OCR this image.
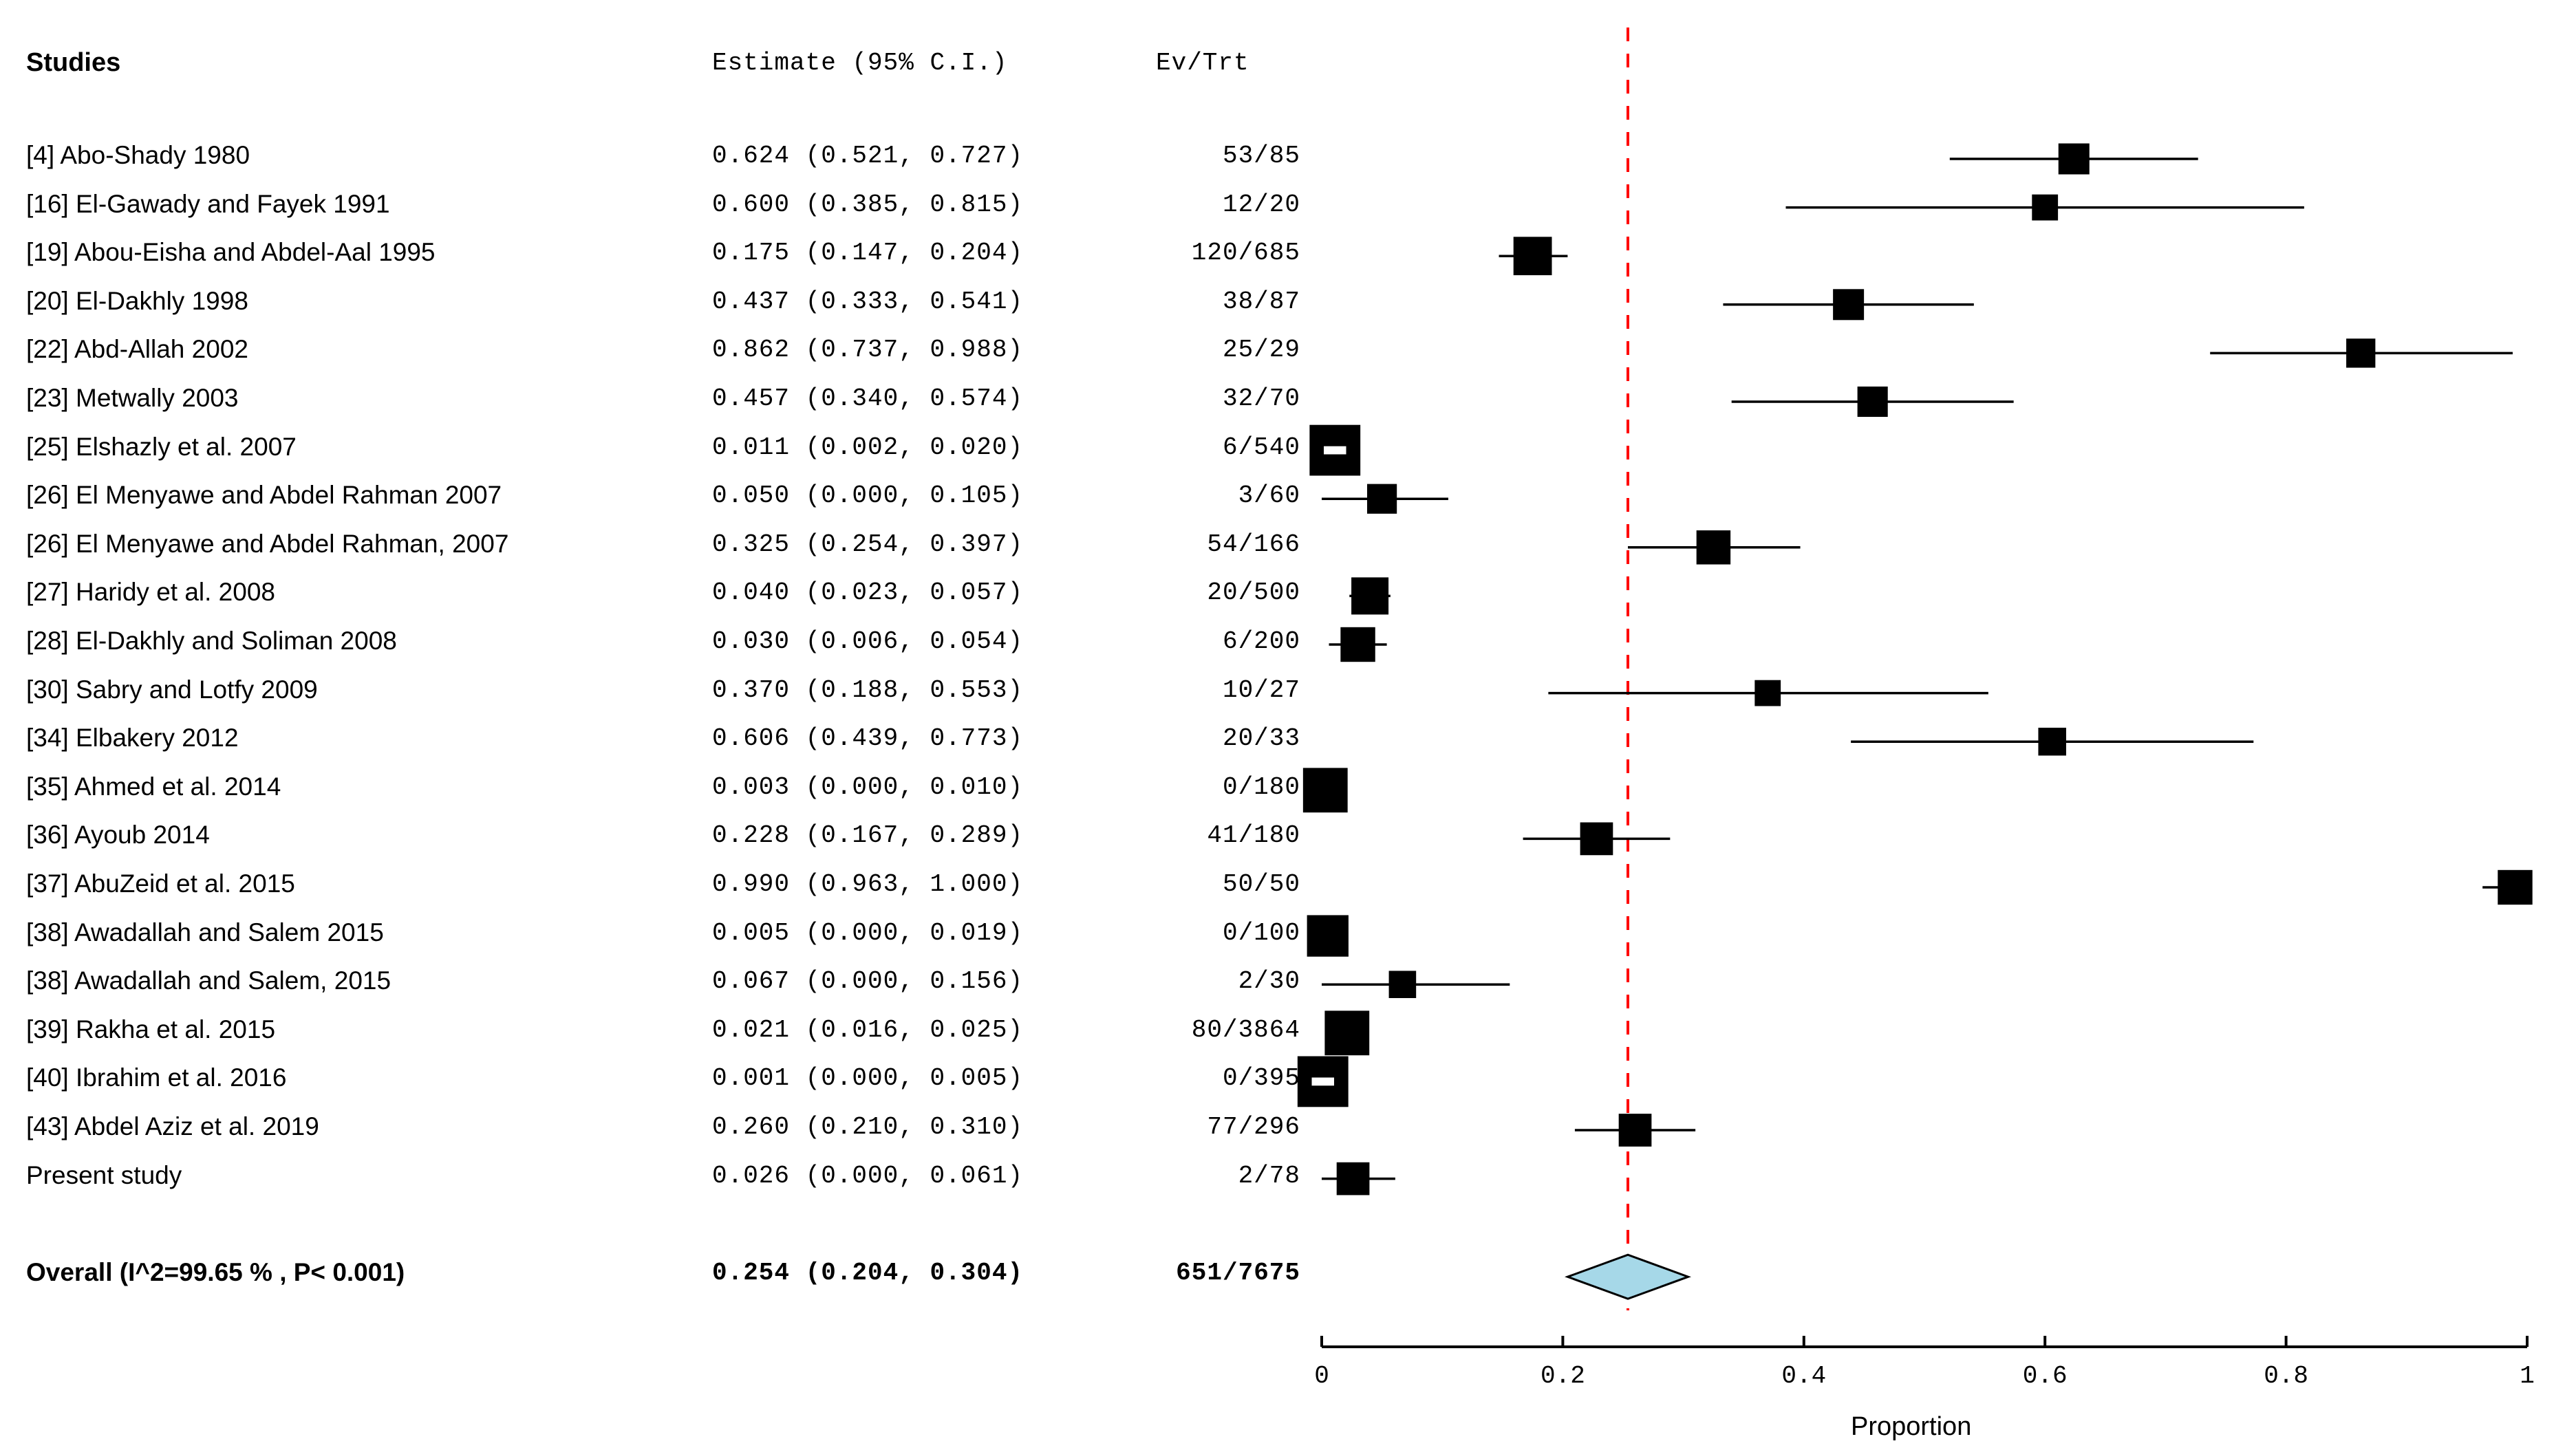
Studies	Estimate (95% C.I.)	Ev/Trt
[4] Abo-Shady 1980	0.624 (0.521, 0.727)	53/85
[16] El-Gawady and Fayek 1991	0.600 (0.385, 0.815)	12/20
[19] Abou-Eisha and Abdel-Aal 1995	0.175 (0.147, 0.204)	120/685
[20] El-Dakhly 1998	0.437 (0.333, 0.541)	38/87
[22] Abd-Allah 2002	0.862 (0.737, 0.988)	25/29
[23] Metwally 2003	0.457 (0.340, 0.574)	32/70
[25] Elshazly et al. 2007	0.011 (0.002, 0.020)	6/540
[26] El Menyawe and Abdel Rahman 2007	0.050 (0.000, 0.105)	3/60
[26] El Menyawe and Abdel Rahman, 2007	0.325 (0.254, 0.397)	54/166
[27] Haridy et al. 2008	0.040 (0.023, 0.057)	20/500
[28] El-Dakhly and Soliman 2008	0.030 (0.006, 0.054)	6/200
[30] Sabry and Lotfy 2009	0.370 (0.188, 0.553)	10/27
[34] Elbakery 2012	0.606 (0.439, 0.773)	20/33
[35] Ahmed et al. 2014	0.003 (0.000, 0.010)	0/180
[36] Ayoub 2014	0.228 (0.167, 0.289)	41/180
[37] AbuZeid et al. 2015	0.990 (0.963, 1.000)	50/50
[38] Awadallah and Salem 2015	0.005 (0.000, 0.019)	0/100
[38] Awadallah and Salem, 2015	0.067 (0.000, 0.156)	2/30
[39] Rakha et al. 2015	0.021 (0.016, 0.025)	80/3864
[40] Ibrahim et al. 2016	0.001 (0.000, 0.005)	0/395
[43] Abdel Aziz et al. 2019	0.260 (0.210, 0.310)	77/296
Present study	0.026 (0.000, 0.061)	2/78
Overall (I^2=99.65 % , P< 0.001)	0.254 (0.204, 0.304)	651/7675
0	0.2	0.4	0.6	0.8	1
Proportion
